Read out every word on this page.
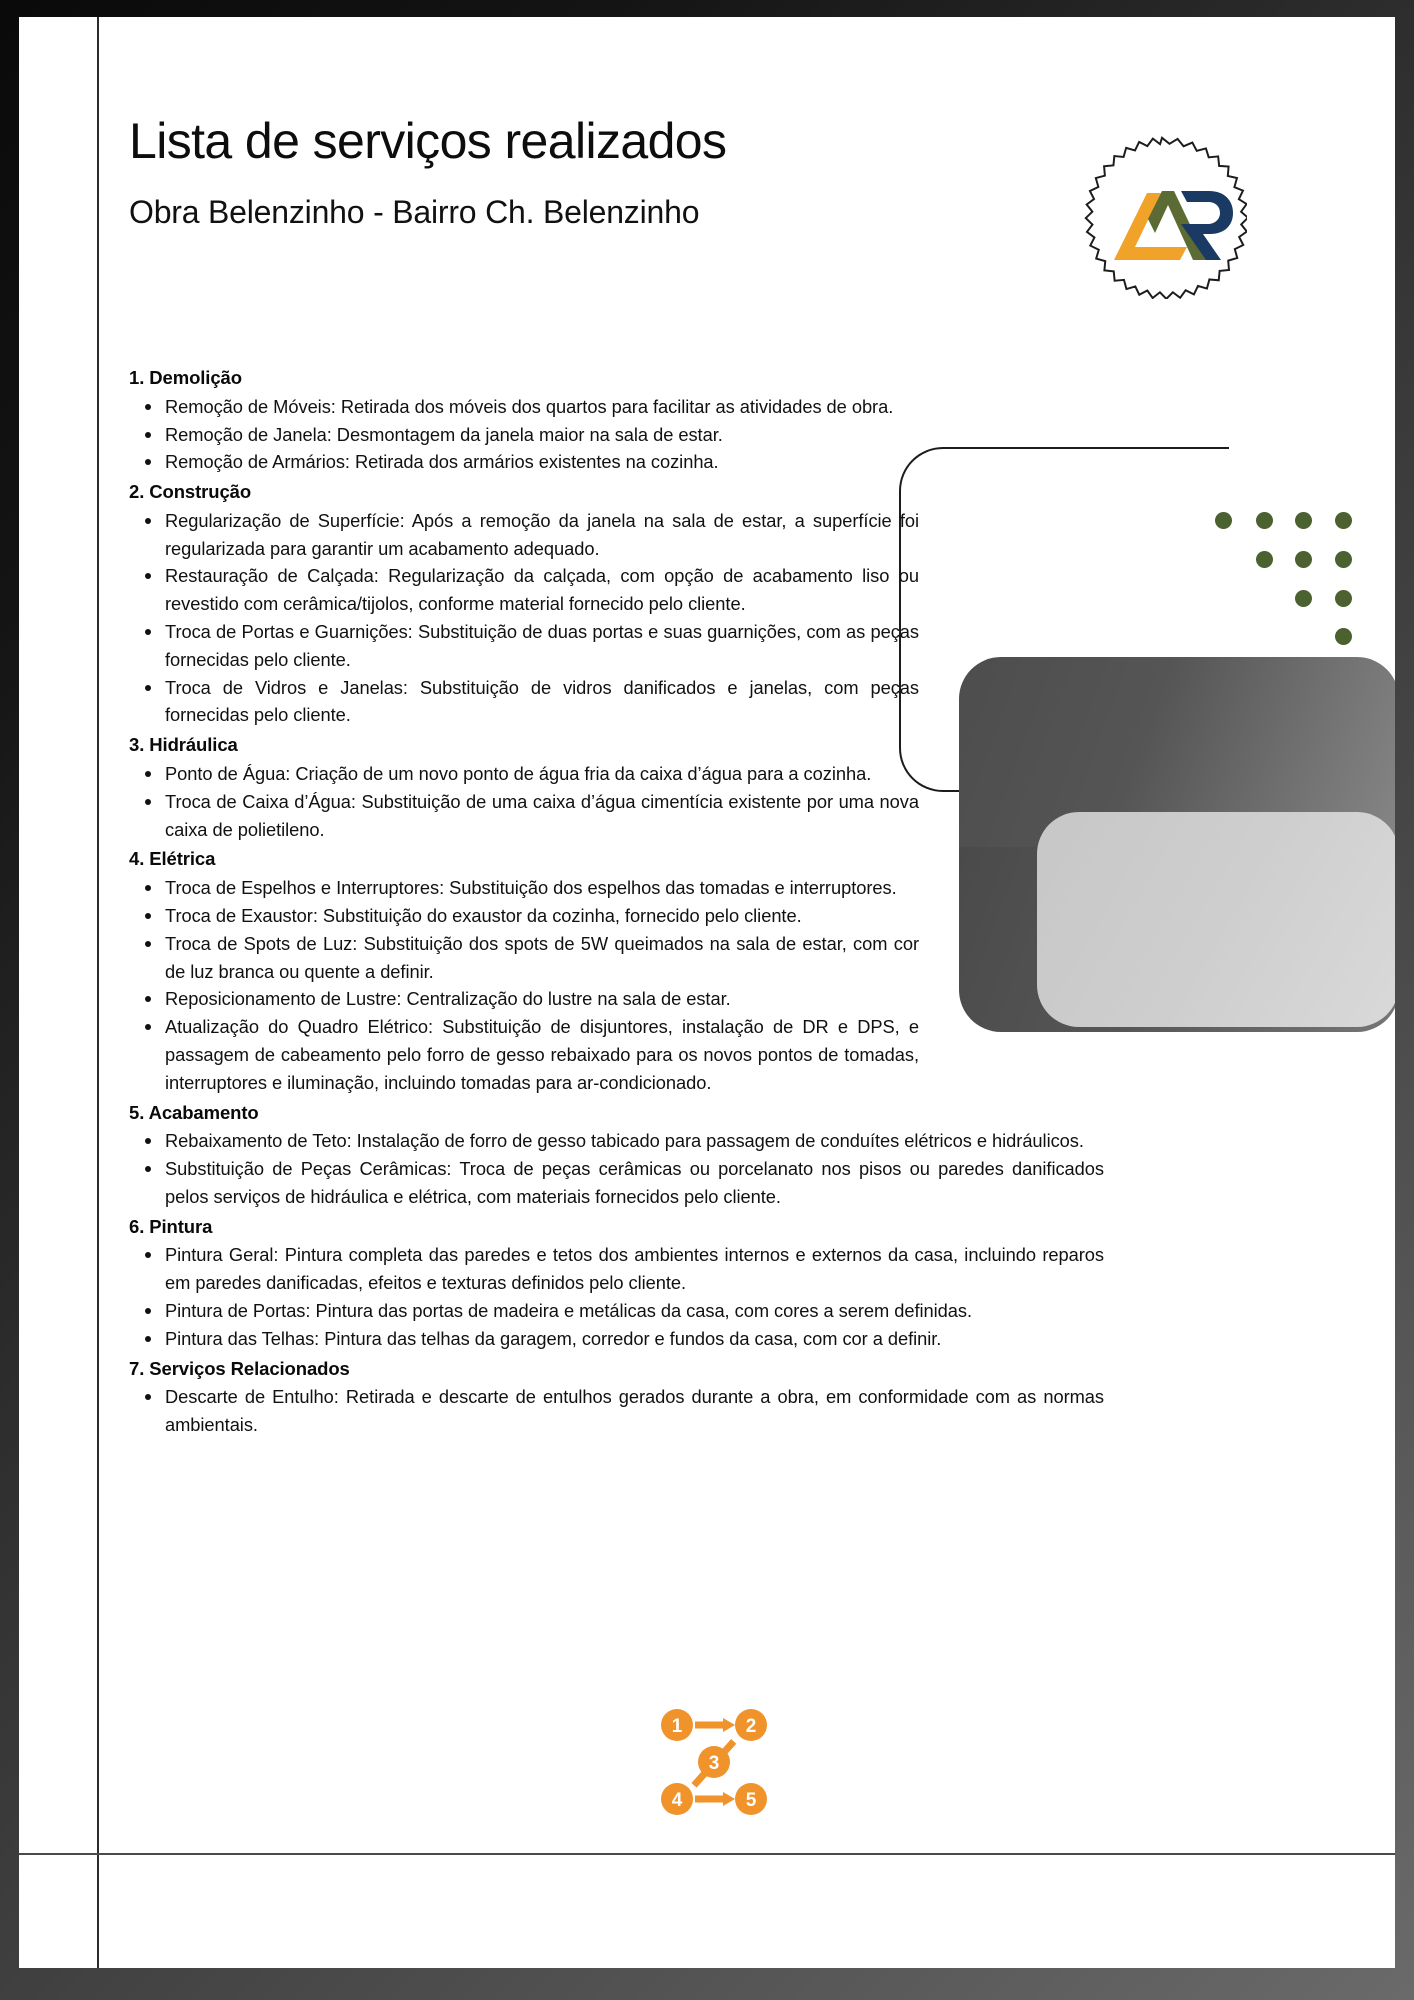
Lista de serviços realizados
Obra Belenzinho - Bairro Ch. Belenzinho
1. Demolição
Remoção de Móveis: Retirada dos móveis dos quartos para facilitar as atividades de obra.
Remoção de Janela: Desmontagem da janela maior na sala de estar.
Remoção de Armários: Retirada dos armários existentes na cozinha.
2. Construção
Regularização de Superfície: Após a remoção da janela na sala de estar, a superfície foi regularizada para garantir um acabamento adequado.
Restauração de Calçada: Regularização da calçada, com opção de acabamento liso ou revestido com cerâmica/tijolos, conforme material fornecido pelo cliente.
Troca de Portas e Guarnições: Substituição de duas portas e suas guarnições, com as peças fornecidas pelo cliente.
Troca de Vidros e Janelas: Substituição de vidros danificados e janelas, com peças fornecidas pelo cliente.
3. Hidráulica
Ponto de Água: Criação de um novo ponto de água fria da caixa d’água para a cozinha.
Troca de Caixa d’Água: Substituição de uma caixa d’água cimentícia existente por uma nova caixa de polietileno.
4. Elétrica
Troca de Espelhos e Interruptores: Substituição dos espelhos das tomadas e interruptores.
Troca de Exaustor: Substituição do exaustor da cozinha, fornecido pelo cliente.
Troca de Spots de Luz: Substituição dos spots de 5W queimados na sala de estar, com cor de luz branca ou quente a definir.
Reposicionamento de Lustre: Centralização do lustre na sala de estar.
Atualização do Quadro Elétrico: Substituição de disjuntores, instalação de DR e DPS, e passagem de cabeamento pelo forro de gesso rebaixado para os novos pontos de tomadas, interruptores e iluminação, incluindo tomadas para ar-condicionado.
5. Acabamento
Rebaixamento de Teto: Instalação de forro de gesso tabicado para passagem de conduítes elétricos e hidráulicos.
Substituição de Peças Cerâmicas: Troca de peças cerâmicas ou porcelanato nos pisos ou paredes danificados pelos serviços de hidráulica e elétrica, com materiais fornecidos pelo cliente.
6. Pintura
Pintura Geral: Pintura completa das paredes e tetos dos ambientes internos e externos da casa, incluindo reparos em paredes danificadas, efeitos e texturas definidos pelo cliente.
Pintura de Portas: Pintura das portas de madeira e metálicas da casa, com cores a serem definidas.
Pintura das Telhas: Pintura das telhas da garagem, corredor e fundos da casa, com cor a definir.
7. Serviços Relacionados
Descarte de Entulho: Retirada e descarte de entulhos gerados durante a obra, em conformidade com as normas ambientais.
1	2
3
4	5
